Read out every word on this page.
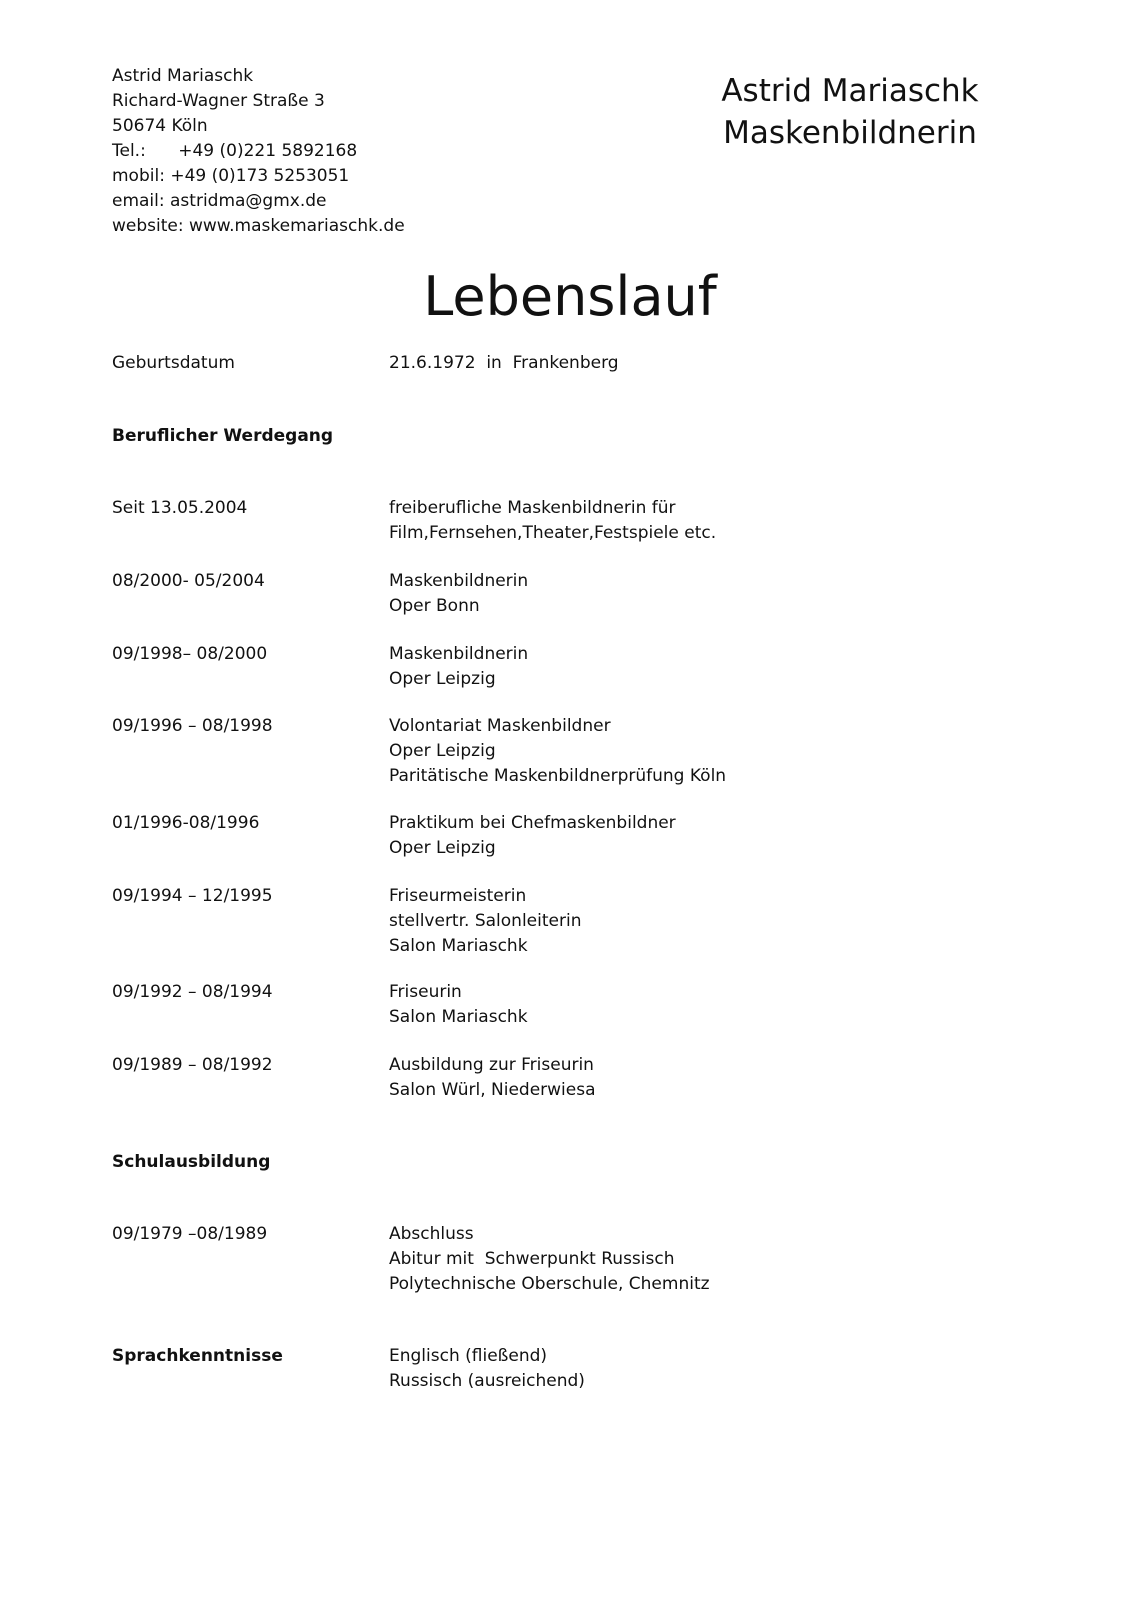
Astrid Mariaschk
Richard-Wagner Straße 3
50674 Köln
Tel.:      +49 (0)221 5892168
mobil: +49 (0)173 5253051
email: astridma@gmx.de
website: www.maskemariaschk.de
Astrid Mariaschk
Maskenbildnerin
Lebenslauf
Geburtsdatum	21.6.1972  in  Frankenberg
Beruflicher Werdegang
Seit 13.05.2004	freiberufliche Maskenbildnerin für
Film,Fernsehen,Theater,Festspiele etc.
08/2000- 05/2004	Maskenbildnerin
Oper Bonn
09/1998– 08/2000	Maskenbildnerin
Oper Leipzig
09/1996 – 08/1998	Volontariat Maskenbildner
Oper Leipzig
Paritätische Maskenbildnerprüfung Köln
01/1996-08/1996	Praktikum bei Chefmaskenbildner
Oper Leipzig
09/1994 – 12/1995	Friseurmeisterin
stellvertr. Salonleiterin
Salon Mariaschk
09/1992 – 08/1994	Friseurin
Salon Mariaschk
09/1989 – 08/1992	Ausbildung zur Friseurin
Salon Würl, Niederwiesa
Schulausbildung
09/1979 –08/1989	Abschluss
Abitur mit  Schwerpunkt Russisch
Polytechnische Oberschule, Chemnitz
Sprachkenntnisse	Englisch (fließend)
Russisch (ausreichend)
